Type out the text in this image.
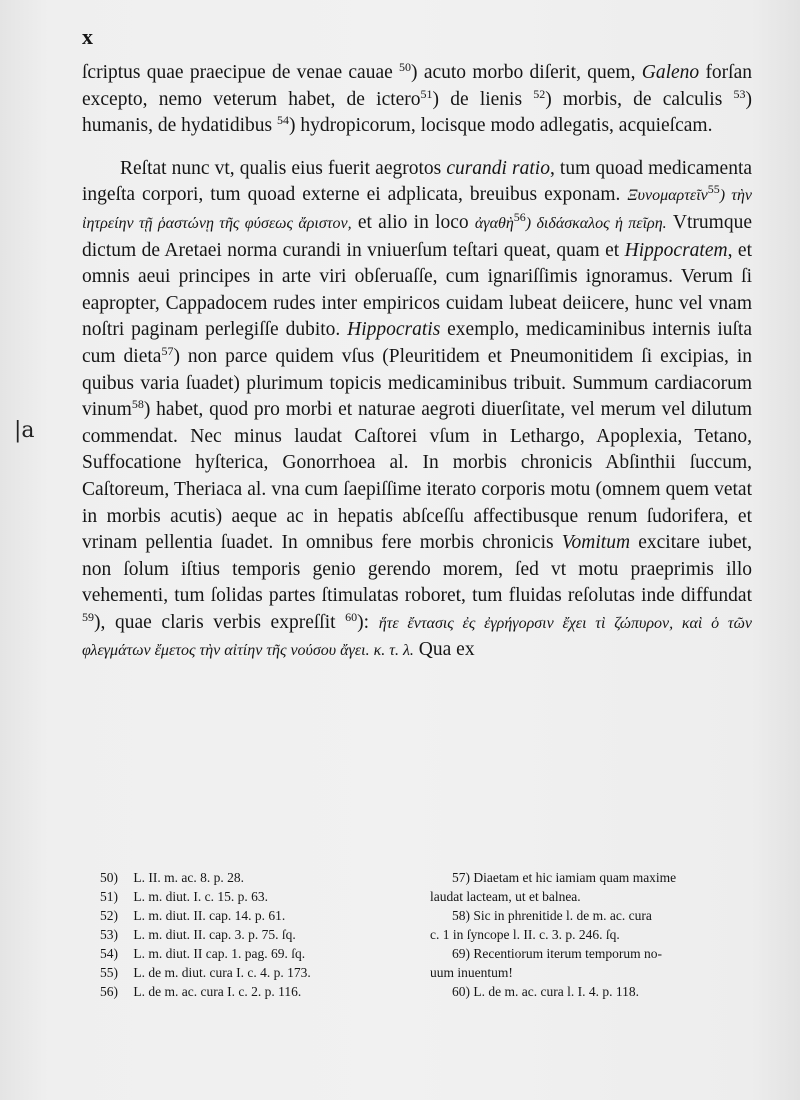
x
|a

ſcriptus quae praecipue de venae cauae $^{50}$) acuto morbo diſerit, quem, Galeno forſan excepto, nemo veterum habet, de ictero$^{51}$) de lienis $^{52}$) morbis, de calculis $^{53}$) humanis, de hydatidibus $^{54}$) hydropicorum, locisque modo adlegatis, acquieſcam.

Reſtat nunc vt, qualis eius fuerit aegrotos curandi ratio, tum quoad medicamenta ingeſta corpori, tum quoad externe ei adplicata, breuibus exponam. Ξυνομαρτεῖν$^{55}$) τὴν ἰητρείην τῇ ῥαστώνῃ τῆς φύσεως ἄριστον, et alio in loco ἀγαθὴ$^{56}$) διδάσκαλος ἡ πεῖρη. Vtrumque dictum de Aretaei norma curandi in vniuerſum teſtari queat, quam et Hippocratem, et omnis aeui principes in arte viri obſeruaſſe, cum ignariſſimis ignoramus. Verum ſi eapropter, Cappadocem rudes inter empiricos cuidam lubeat deiicere, hunc vel vnam noſtri paginam perlegiſſe dubito. Hippocratis exemplo, medicaminibus internis iuſta cum dieta$^{57}$) non parce quidem vſus (Pleuritidem et Pneumonitidem ſi excipias, in quibus varia ſuadet) plurimum topicis medicaminibus tribuit. Summum cardiacorum vinum$^{58}$) habet, quod pro morbi et naturae aegroti diuerſitate, vel merum vel dilutum commendat. Nec minus laudat Caſtorei vſum in Lethargo, Apoplexia, Tetano, Suffocatione hyſterica, Gonorrhoea al. In morbis chronicis Abſinthii ſuccum, Caſtoreum, Theriaca al. vna cum ſaepiſſime iterato corporis motu (omnem quem vetat in morbis acutis) aeque ac in hepatis abſceſſu affectibusque renum ſudorifera, et vrinam pellentia ſuadet. In omnibus fere morbis chronicis Vomitum excitare iubet, non ſolum iſtius temporis genio gerendo morem, ſed vt motu praeprimis illo vehementi, tum ſolidas partes ſtimulatas roboret, tum fluidas reſolutas inde diffundat $^{59}$), quae claris verbis expreſſit $^{60}$): ἥτε ἔντασις ἐς ἐγρήγορσιν ἔχει τὶ ζώπυρον, καὶ ὁ τῶν φλεγμάτων ἔμετος τὴν αἰτίην τῆς νούσου ἄγει. κ. τ. λ. Qua ex

50) L. II. m. ac. 8. p. 28.

51) L. m. diut. I. c. 15. p. 63.

52) L. m. diut. II. cap. 14. p. 61.

53) L. m. diut. II. cap. 3. p. 75. ſq.

54) L. m. diut. II cap. 1. pag. 69. ſq.

55) L. de m. diut. cura I. c. 4. p. 173.

56) L. de m. ac. cura I. c. 2. p. 116.

57) Diaetam et hic iamiam quam maxime

laudat lacteam, ut et balnea.

58) Sic in phrenitide l. de m. ac. cura

c. 1 in ſyncope l. II. c. 3. p. 246. ſq.

69) Recentiorum iterum temporum no-

uum inuentum!

60) L. de m. ac. cura l. I. 4. p. 118.
